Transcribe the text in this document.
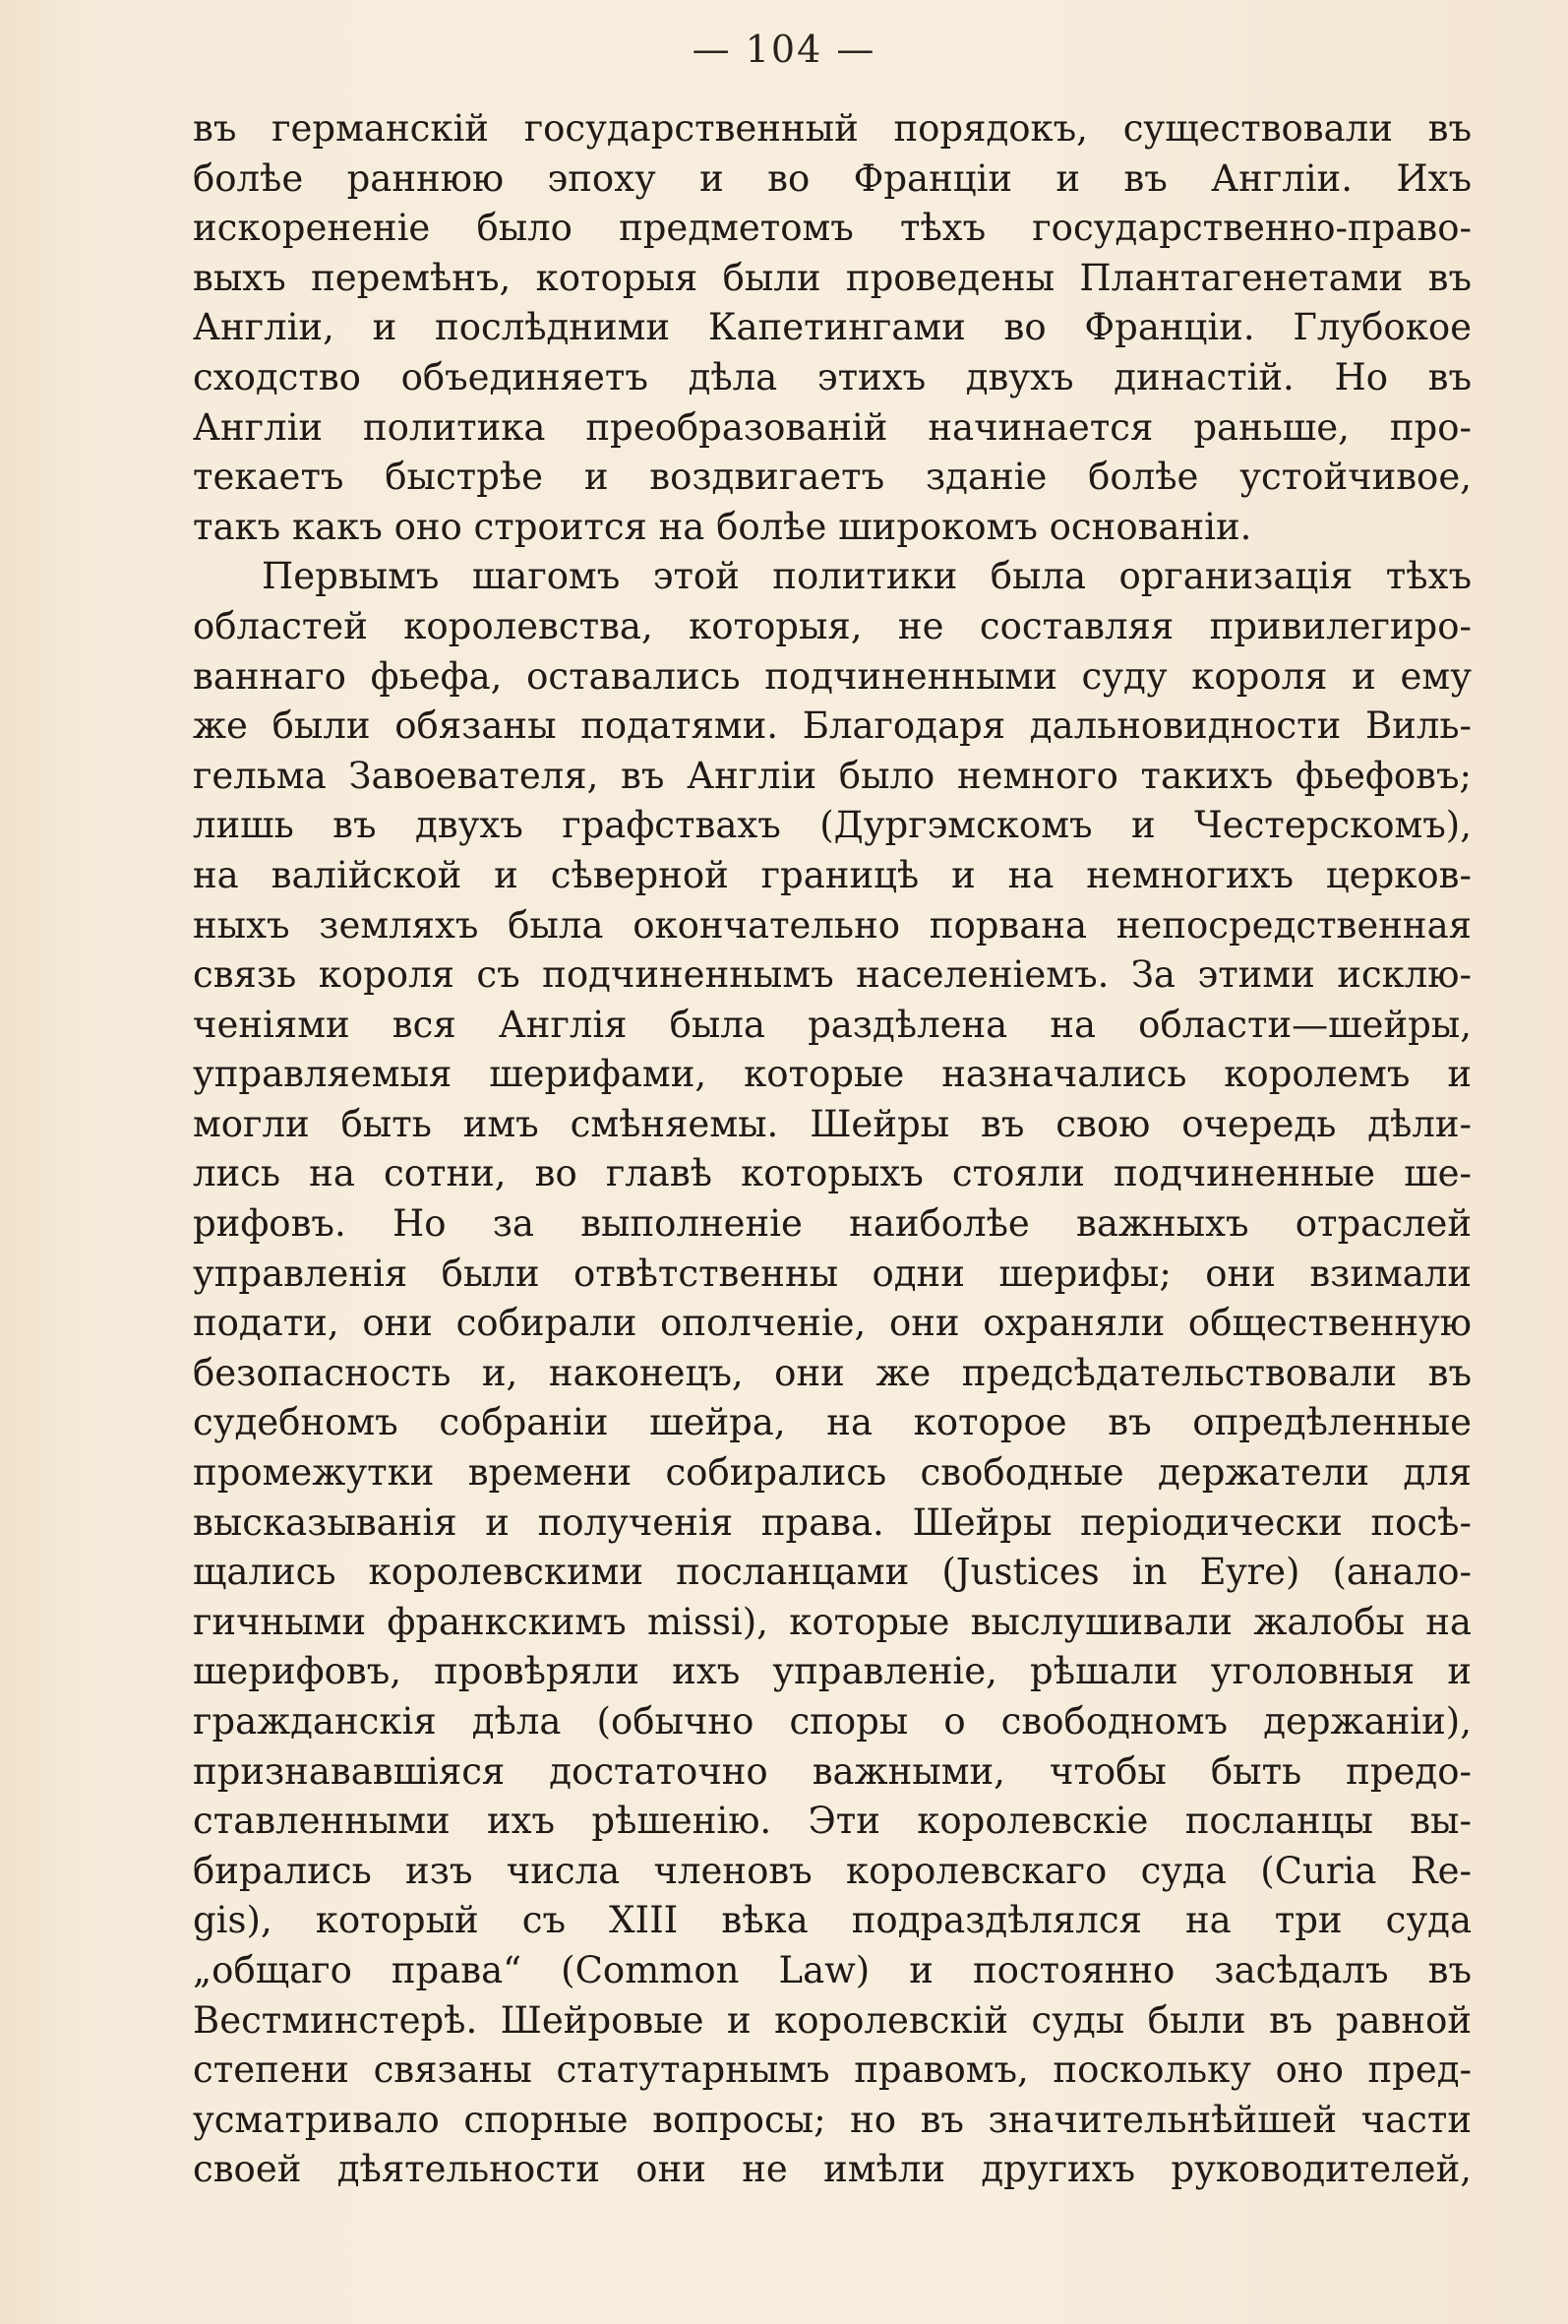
— 104 —
въ германскій государственный порядокъ, существовали въ
болѣе раннюю эпоху и во Франціи и въ Англіи. Ихъ
искорененіе было предметомъ тѣхъ государственно-право-
выхъ перемѣнъ, которыя были проведены Плантагенетами въ
Англіи, и послѣдними Капетингами во Франціи. Глубокое
сходство объединяетъ дѣла этихъ двухъ династій. Но въ
Англіи политика преобразованій начинается раньше, про-
текаетъ быстрѣе и воздвигаетъ зданіе болѣе устойчивое,
такъ какъ оно строится на болѣе широкомъ основаніи.
Первымъ шагомъ этой политики была организація тѣхъ
областей королевства, которыя, не составляя привилегиро-
ваннаго фьефа, оставались подчиненными суду короля и ему
же были обязаны податями. Благодаря дальновидности Виль-
гельма Завоевателя, въ Англіи было немного такихъ фьефовъ;
лишь въ двухъ графствахъ (Дургэмскомъ и Честерскомъ),
на валійской и сѣверной границѣ и на немногихъ церков-
ныхъ земляхъ была окончательно порвана непосредственная
связь короля съ подчиненнымъ населеніемъ. За этими исклю-
ченіями вся Англія была раздѣлена на области—шейры,
управляемыя шерифами, которые назначались королемъ и
могли быть имъ смѣняемы. Шейры въ свою очередь дѣли-
лись на сотни, во главѣ которыхъ стояли подчиненные ше-
рифовъ. Но за выполненіе наиболѣе важныхъ отраслей
управленія были отвѣтственны одни шерифы; они взимали
подати, они собирали ополченіе, они охраняли общественную
безопасность и, наконецъ, они же предсѣдательствовали въ
судебномъ собраніи шейра, на которое въ опредѣленные
промежутки времени собирались свободные держатели для
высказыванія и полученія права. Шейры періодически посѣ-
щались королевскими посланцами (Justices in Eyre) (анало-
гичными франкскимъ missi), которые выслушивали жалобы на
шерифовъ, провѣряли ихъ управленіе, рѣшали уголовныя и
гражданскія дѣла (обычно споры о свободномъ держаніи),
признававшіяся достаточно важными, чтобы быть предо-
ставленными ихъ рѣшенію. Эти королевскіе посланцы вы-
бирались изъ числа членовъ королевскаго суда (Curia Re-
gis), который съ XIII вѣка подраздѣлялся на три суда
„общаго права“ (Common Law) и постоянно засѣдалъ въ
Вестминстерѣ. Шейровые и королевскій суды были въ равной
степени связаны статутарнымъ правомъ, поскольку оно пред-
усматривало спорные вопросы; но въ значительнѣйшей части
своей дѣятельности они не имѣли другихъ руководителей,
